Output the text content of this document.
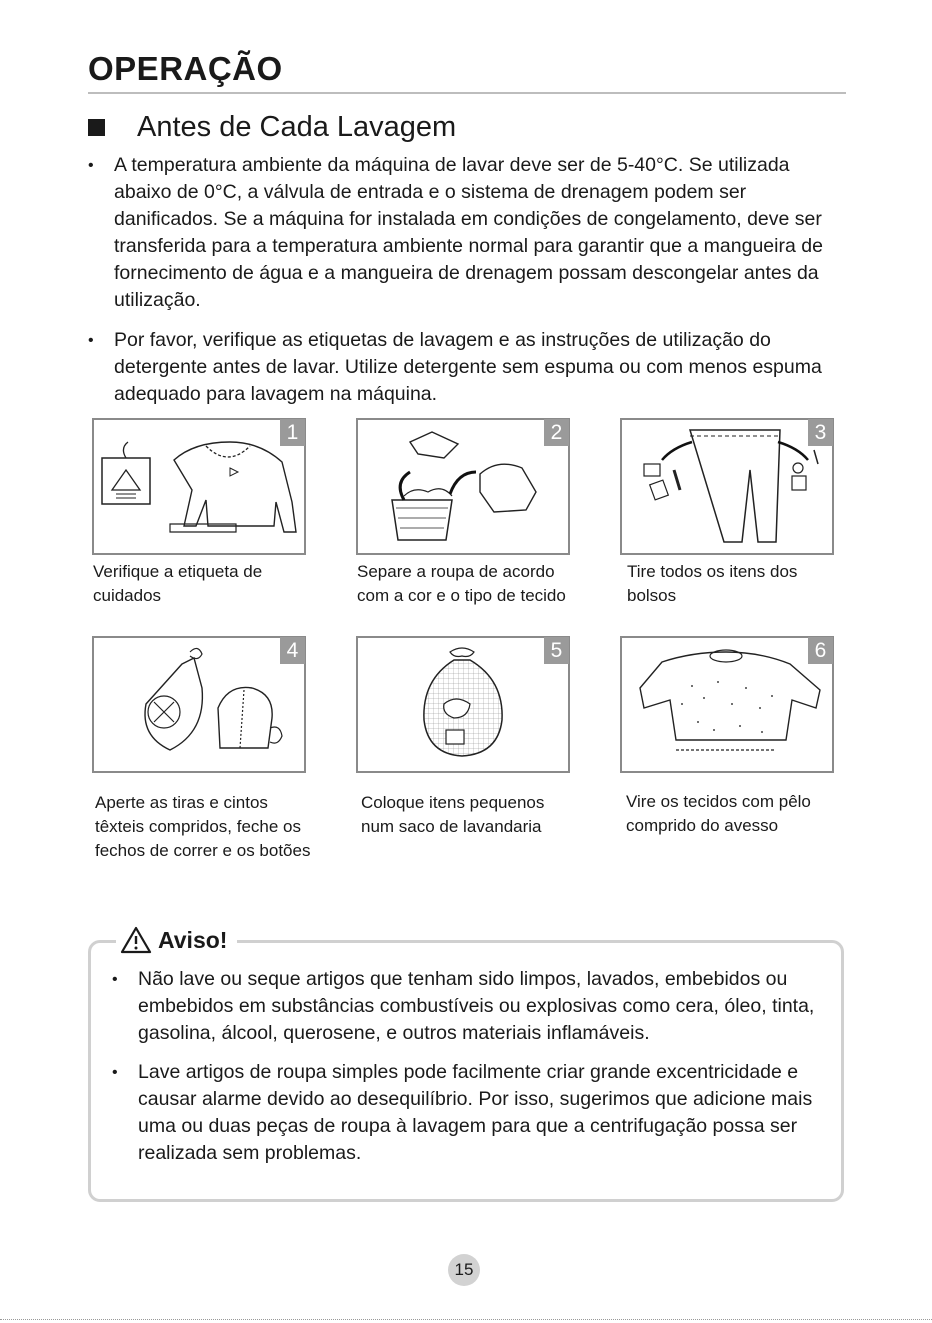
OPERAÇÃO
Antes de Cada Lavagem
• A temperatura ambiente da máquina de lavar deve ser de 5-40°C. Se utilizada abaixo de 0°C, a válvula de entrada e o sistema de drenagem podem ser danificados. Se a máquina for instalada em condições de congelamento, deve ser transferida para a temperatura ambiente normal para garantir que a mangueira de fornecimento de água e a mangueira de drenagem possam descongelar antes da utilização.
• Por favor, verifique as etiquetas de lavagem e as instruções de utilização do detergente antes de lavar. Utilize detergente sem espuma ou com menos espuma adequado para lavagem na máquina.
1
Verifique a etiqueta de cuidados
2
Separe a roupa de acordo com a cor e o tipo de tecido
3
Tire todos os itens dos bolsos
4
Aperte as tiras e cintos têxteis compridos, feche os fechos de correr e os botões
5
Coloque itens pequenos num saco de lavandaria
6
Vire os tecidos com pêlo comprido do avesso
Aviso!
• Não lave ou seque artigos que tenham sido limpos, lavados, embebidos ou embebidos em substâncias combustíveis ou explosivas como cera, óleo, tinta, gasolina, álcool, querosene, e outros materiais inflamáveis.
• Lave artigos de roupa simples pode facilmente criar grande excentricidade e causar alarme devido ao desequilíbrio. Por isso, sugerimos que adicione mais uma ou duas peças de roupa à lavagem para que a centrifugação possa ser realizada sem problemas.
15
